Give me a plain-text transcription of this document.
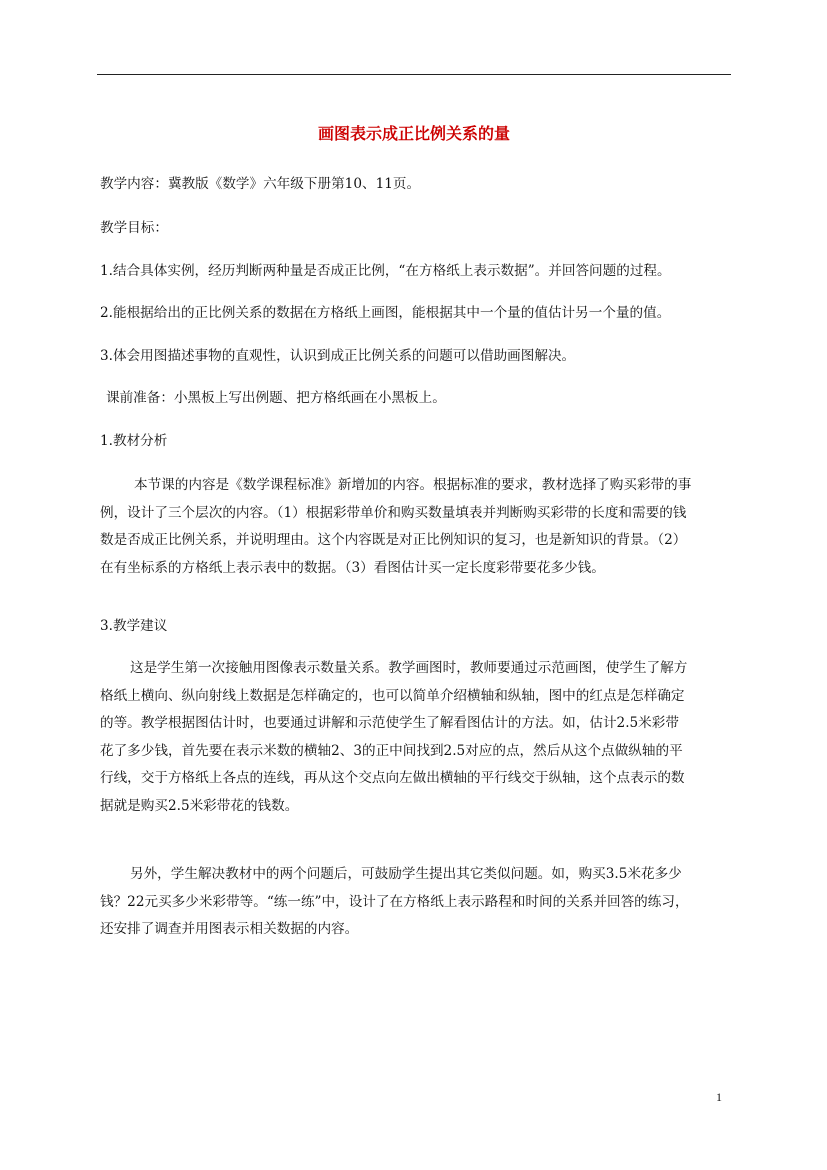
画图表示成正比例关系的量
教学内容：冀教版《数学》六年级下册第10、11页。
教学目标：
1.结合具体实例，经历判断两种量是否成正比例，“在方格纸上表示数据”。并回答问题的过程。
2.能根据给出的正比例关系的数据在方格纸上画图，能根据其中一个量的值估计另一个量的值。
3.体会用图描述事物的直观性，认识到成正比例关系的问题可以借助画图解决。
课前准备：小黑板上写出例题、把方格纸画在小黑板上。
1.教材分析
本节课的内容是《数学课程标准》新增加的内容。根据标准的要求，教材选择了购买彩带的事
例，设计了三个层次的内容。（1）根据彩带单价和购买数量填表并判断购买彩带的长度和需要的钱
数是否成正比例关系，并说明理由。这个内容既是对正比例知识的复习，也是新知识的背景。（2）
在有坐标系的方格纸上表示表中的数据。（3）看图估计买一定长度彩带要花多少钱。
3.教学建议
这是学生第一次接触用图像表示数量关系。教学画图时，教师要通过示范画图，使学生了解方
格纸上横向、纵向射线上数据是怎样确定的，也可以简单介绍横轴和纵轴，图中的红点是怎样确定
的等。教学根据图估计时，也要通过讲解和示范使学生了解看图估计的方法。如，估计2.5米彩带
花了多少钱，首先要在表示米数的横轴2、3的正中间找到2.5对应的点，然后从这个点做纵轴的平
行线，交于方格纸上各点的连线，再从这个交点向左做出横轴的平行线交于纵轴，这个点表示的数
据就是购买2.5米彩带花的钱数。
另外，学生解决教材中的两个问题后，可鼓励学生提出其它类似问题。如，购买3.5米花多少
钱？22元买多少米彩带等。“练一练”中，设计了在方格纸上表示路程和时间的关系并回答的练习，
还安排了调查并用图表示相关数据的内容。
1
